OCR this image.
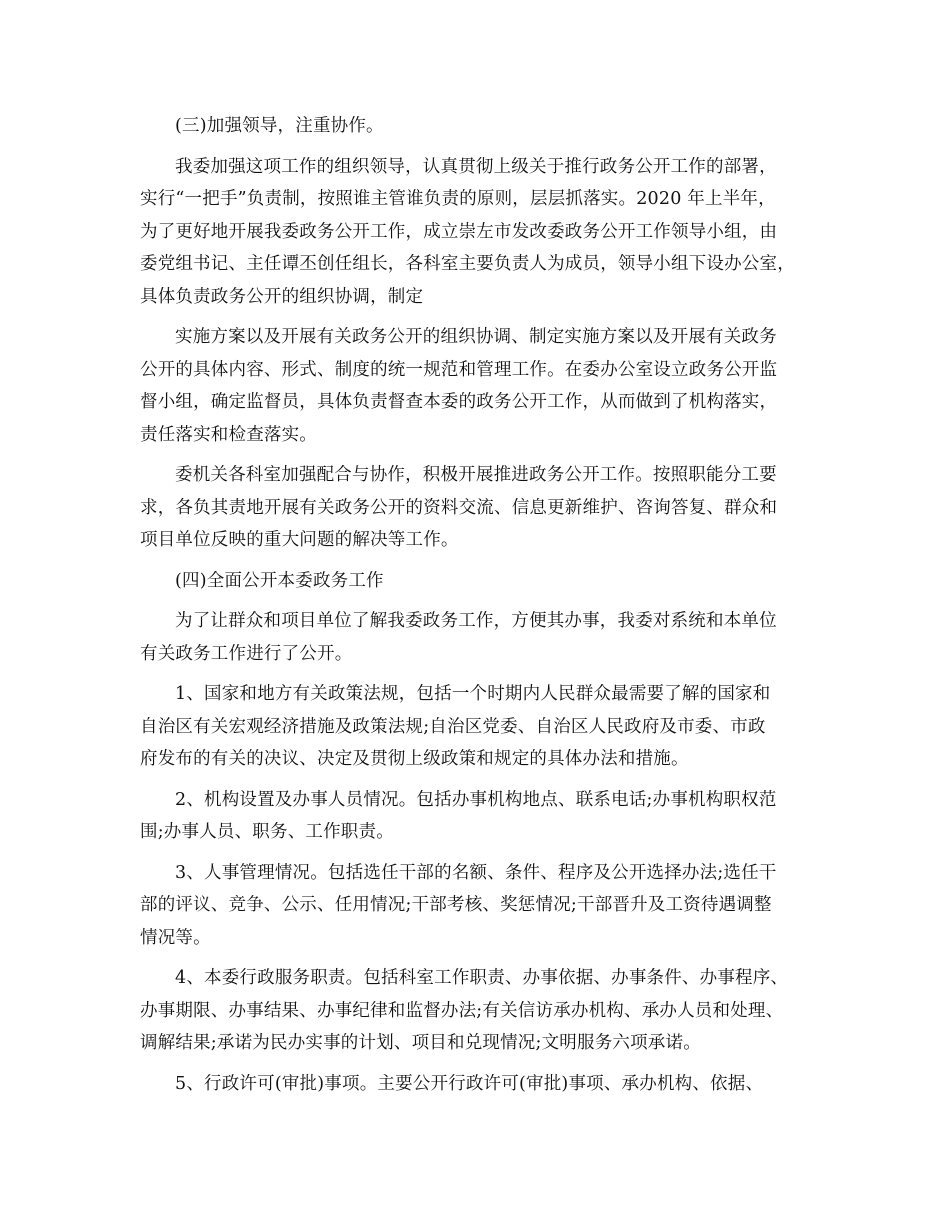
(三)加强领导，注重协作。

我委加强这项工作的组织领导，认真贯彻上级关于推行政务公开工作的部署，
实行“一把手”负责制，按照谁主管谁负责的原则，层层抓落实。2020 年上半年，
为了更好地开展我委政务公开工作，成立崇左市发改委政务公开工作领导小组，由
委党组书记、主任谭丕创任组长，各科室主要负责人为成员，领导小组下设办公室，
具体负责政务公开的组织协调，制定

实施方案以及开展有关政务公开的组织协调、制定实施方案以及开展有关政务
公开的具体内容、形式、制度的统一规范和管理工作。在委办公室设立政务公开监
督小组，确定监督员，具体负责督查本委的政务公开工作，从而做到了机构落实，
责任落实和检查落实。

委机关各科室加强配合与协作，积极开展推进政务公开工作。按照职能分工要
求，各负其责地开展有关政务公开的资料交流、信息更新维护、咨询答复、群众和
项目单位反映的重大问题的解决等工作。

(四)全面公开本委政务工作

为了让群众和项目单位了解我委政务工作，方便其办事，我委对系统和本单位
有关政务工作进行了公开。

1、国家和地方有关政策法规，包括一个时期内人民群众最需要了解的国家和
自治区有关宏观经济措施及政策法规;自治区党委、自治区人民政府及市委、市政
府发布的有关的决议、决定及贯彻上级政策和规定的具体办法和措施。

2、机构设置及办事人员情况。包括办事机构地点、联系电话;办事机构职权范
围;办事人员、职务、工作职责。

3、人事管理情况。包括选任干部的名额、条件、程序及公开选择办法;选任干
部的评议、竞争、公示、任用情况;干部考核、奖惩情况;干部晋升及工资待遇调整
情况等。

4、本委行政服务职责。包括科室工作职责、办事依据、办事条件、办事程序、
办事期限、办事结果、办事纪律和监督办法;有关信访承办机构、承办人员和处理、
调解结果;承诺为民办实事的计划、项目和兑现情况;文明服务六项承诺。

5、行政许可(审批)事项。主要公开行政许可(审批)事项、承办机构、依据、
